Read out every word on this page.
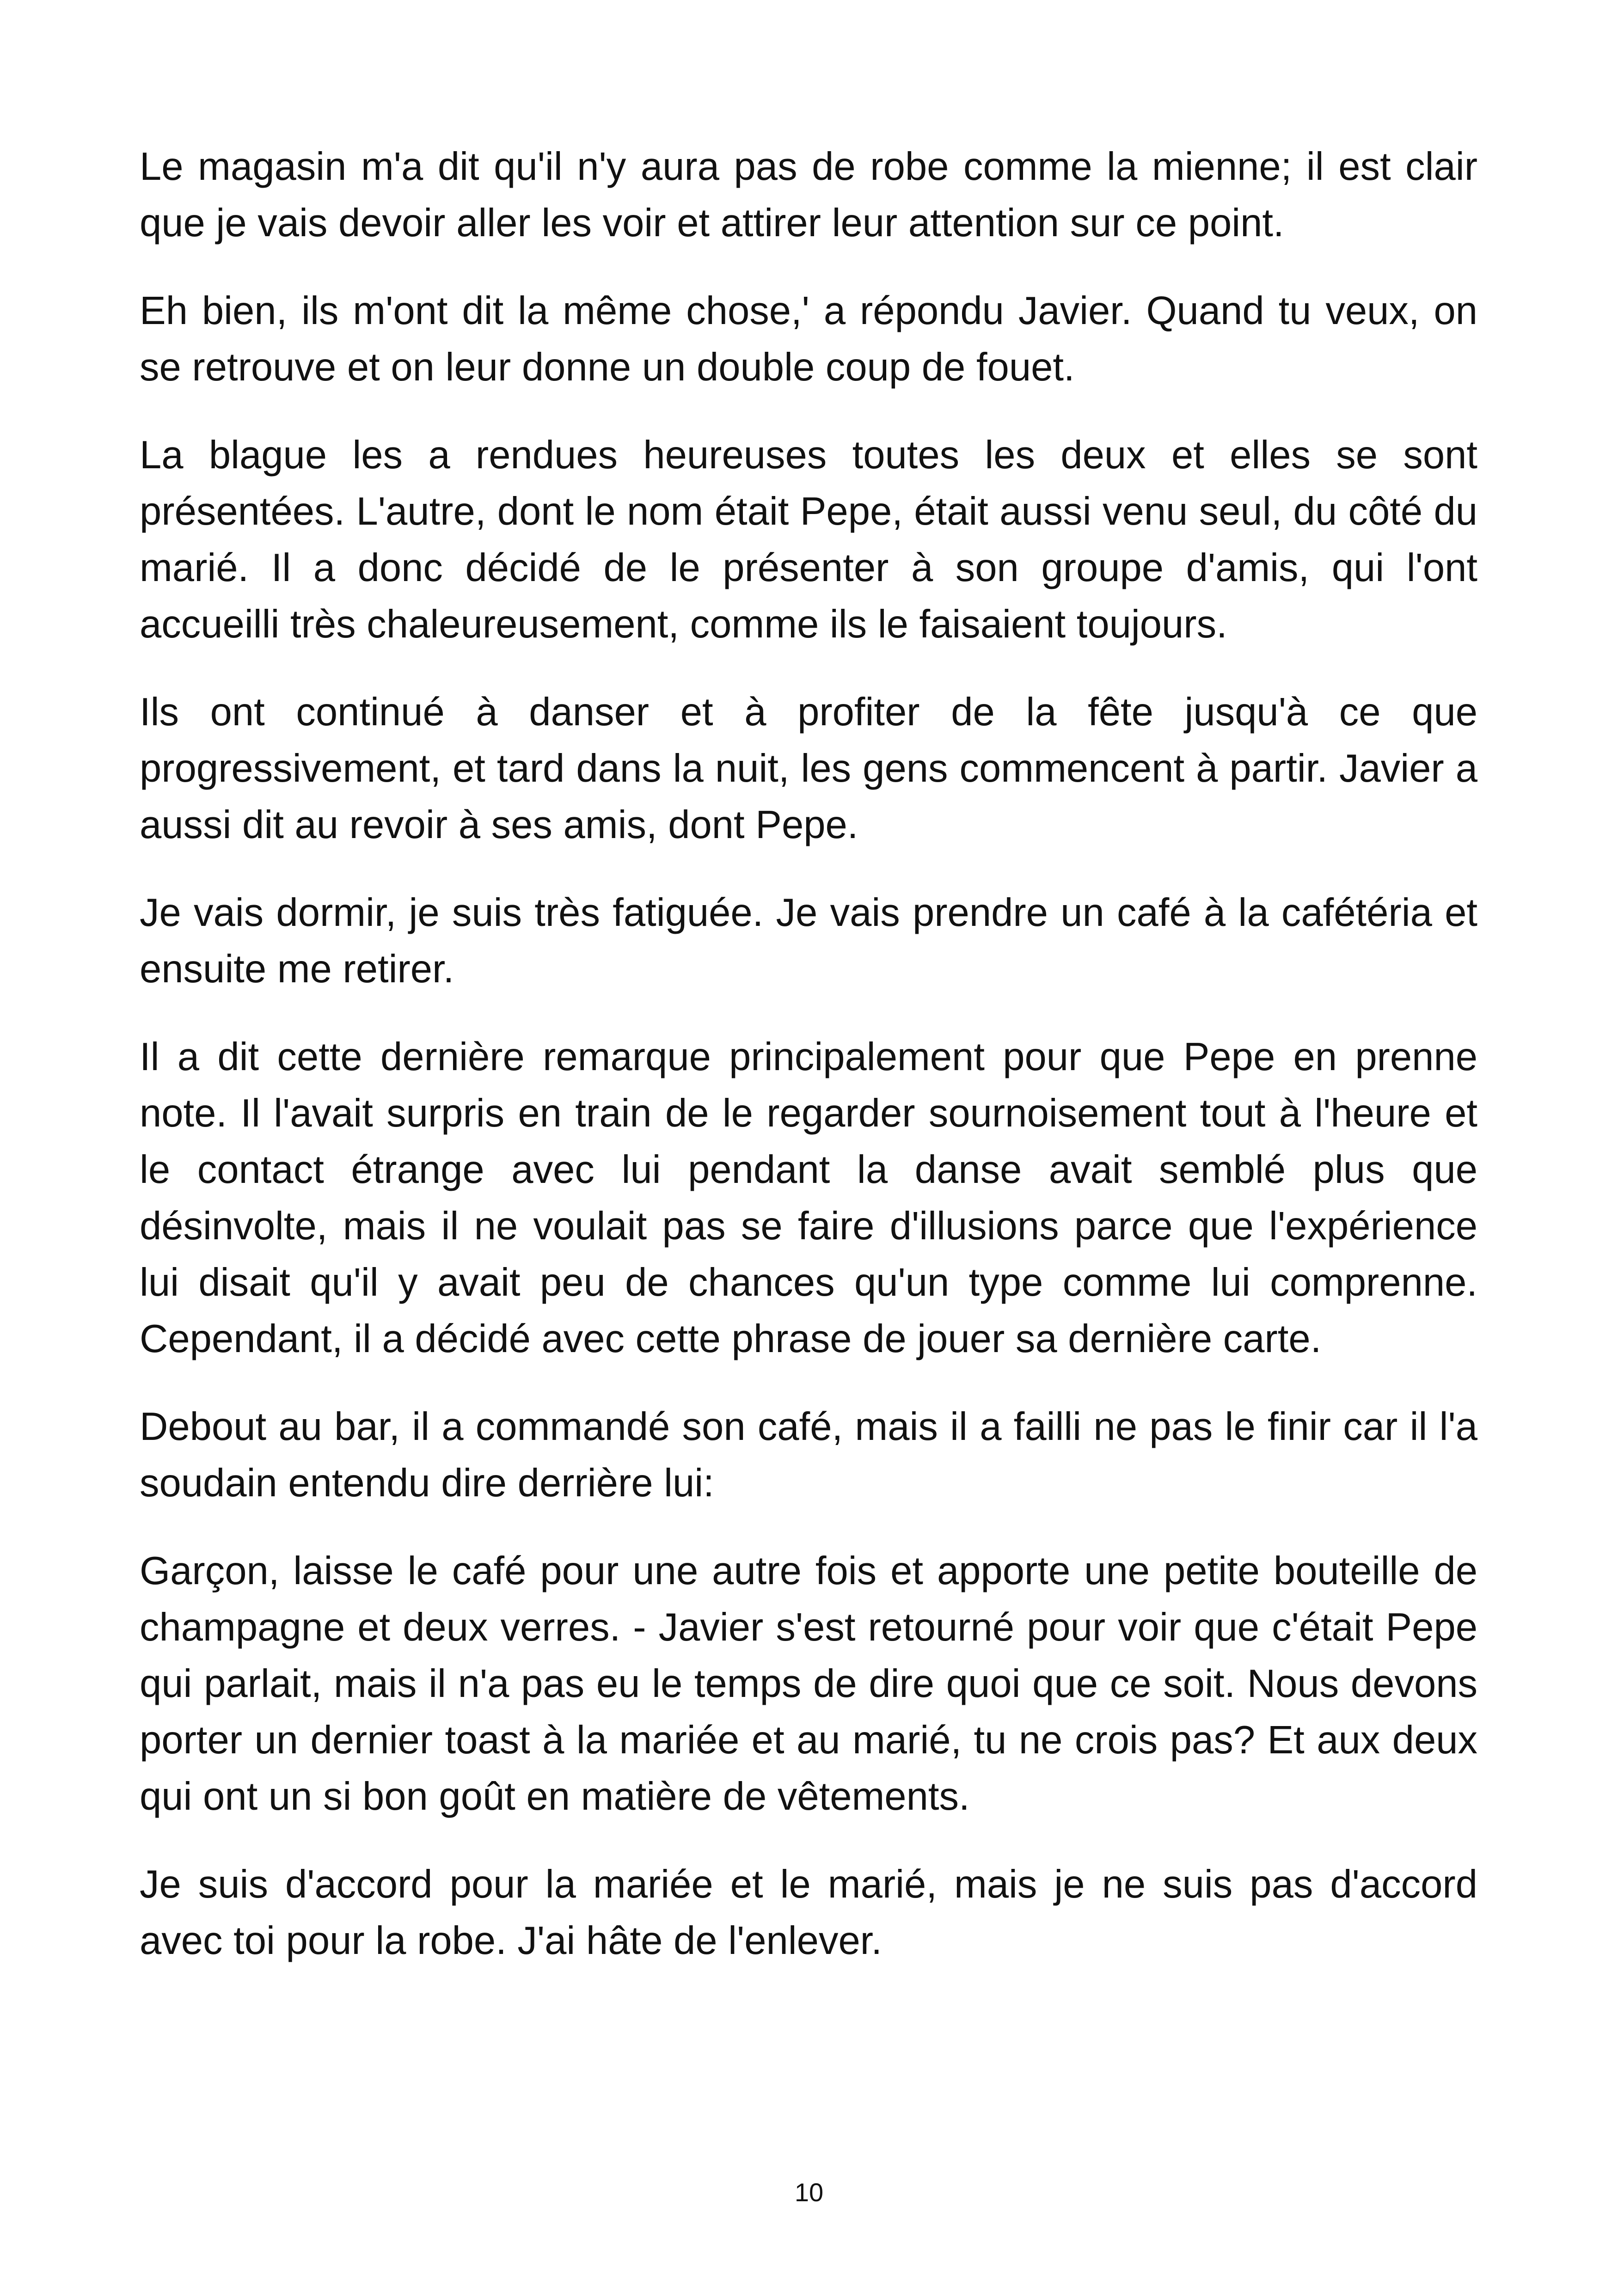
Le magasin m'a dit qu'il n'y aura pas de robe comme la mienne; il est clair que je vais devoir aller les voir et attirer leur attention sur ce point.

Eh bien, ils m'ont dit la même chose,' a répondu Javier. Quand tu veux, on se retrouve et on leur donne un double coup de fouet.

La blague les a rendues heureuses toutes les deux et elles se sont présentées. L'autre, dont le nom était Pepe, était aussi venu seul, du côté du marié. Il a donc décidé de le présenter à son groupe d'amis, qui l'ont accueilli très chaleureusement, comme ils le faisaient toujours.

Ils ont continué à danser et à profiter de la fête jusqu'à ce que progressivement, et tard dans la nuit, les gens commencent à partir. Javier a aussi dit au revoir à ses amis, dont Pepe.

Je vais dormir, je suis très fatiguée. Je vais prendre un café à la cafétéria et ensuite me retirer.

Il a dit cette dernière remarque principalement pour que Pepe en prenne note. Il l'avait surpris en train de le regarder sournoisement tout à l'heure et le contact étrange avec lui pendant la danse avait semblé plus que désinvolte, mais il ne voulait pas se faire d'illusions parce que l'expérience lui disait qu'il y avait peu de chances qu'un type comme lui comprenne. Cependant, il a décidé avec cette phrase de jouer sa dernière carte.

Debout au bar, il a commandé son café, mais il a failli ne pas le finir car il l'a soudain entendu dire derrière lui:

Garçon, laisse le café pour une autre fois et apporte une petite bouteille de champagne et deux verres. - Javier s'est retourné pour voir que c'était Pepe qui parlait, mais il n'a pas eu le temps de dire quoi que ce soit. Nous devons porter un dernier toast à la mariée et au marié, tu ne crois pas? Et aux deux qui ont un si bon goût en matière de vêtements.

Je suis d'accord pour la mariée et le marié, mais je ne suis pas d'accord avec toi pour la robe. J'ai hâte de l'enlever.

10
